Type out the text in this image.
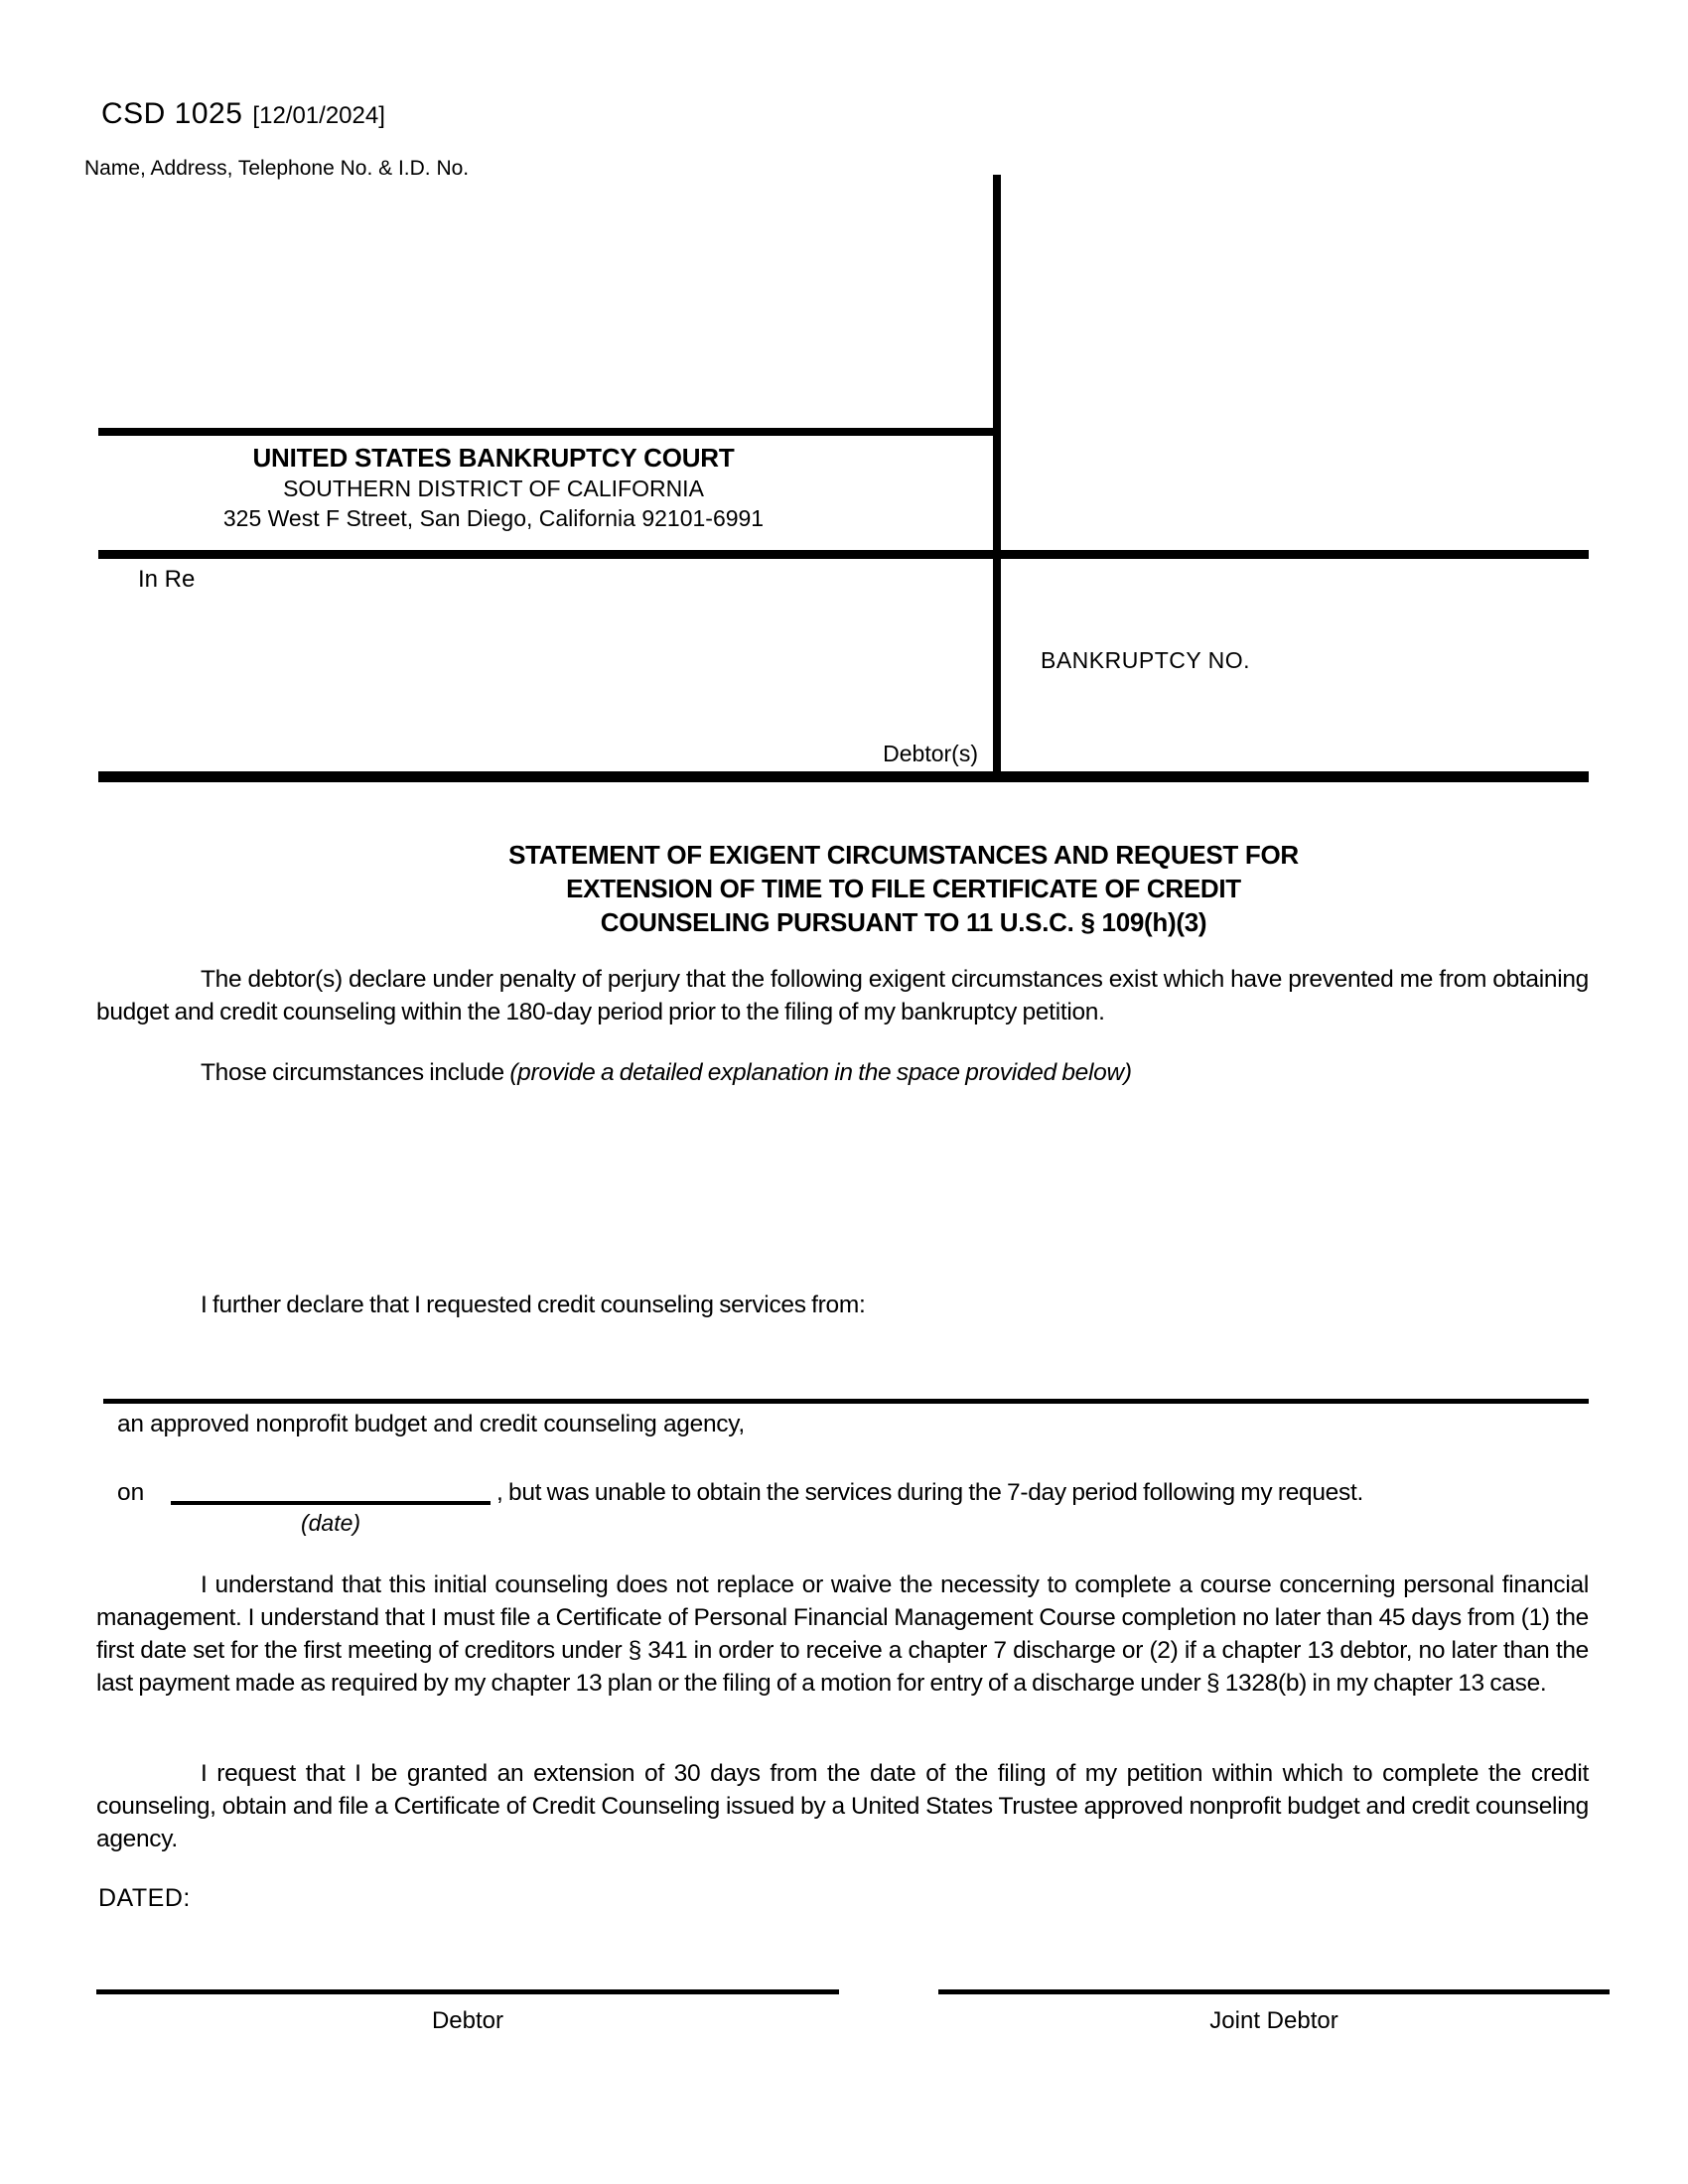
CSD 1025 [12/01/2024]
Name, Address, Telephone No. & I.D. No.
UNITED STATES BANKRUPTCY COURT
SOUTHERN DISTRICT OF CALIFORNIA
325 West F Street, San Diego, California 92101-6991
In Re
BANKRUPTCY NO.
Debtor(s)
STATEMENT OF EXIGENT CIRCUMSTANCES AND REQUEST FOR
EXTENSION OF TIME TO FILE CERTIFICATE OF CREDIT
COUNSELING PURSUANT TO 11 U.S.C. § 109(h)(3)
The debtor(s) declare under penalty of perjury that the following exigent circumstances exist which have prevented me from obtaining budget and credit counseling within the 180-day period prior to the filing of my bankruptcy petition.
Those circumstances include (provide a detailed explanation in the space provided below)
I further declare that I requested credit counseling services from:
an approved nonprofit budget and credit counseling agency,
on
(date)
, but was unable to obtain the services during the 7-day period following my request.
I understand that this initial counseling does not replace or waive the necessity to complete a course concerning personal financial management. I understand that I must file a Certificate of Personal Financial Management Course completion no later than 45 days from (1) the first date set for the first meeting of creditors under § 341 in order to receive a chapter 7 discharge or (2) if a chapter 13 debtor, no later than the last payment made as required by my chapter 13 plan or the filing of a motion for entry of a discharge under § 1328(b) in my chapter 13 case.
I request that I be granted an extension of 30 days from the date of the filing of my petition within which to complete the credit counseling, obtain and file a Certificate of Credit Counseling issued by a United States Trustee approved nonprofit budget and credit counseling agency.
DATED:
Debtor	Joint Debtor
